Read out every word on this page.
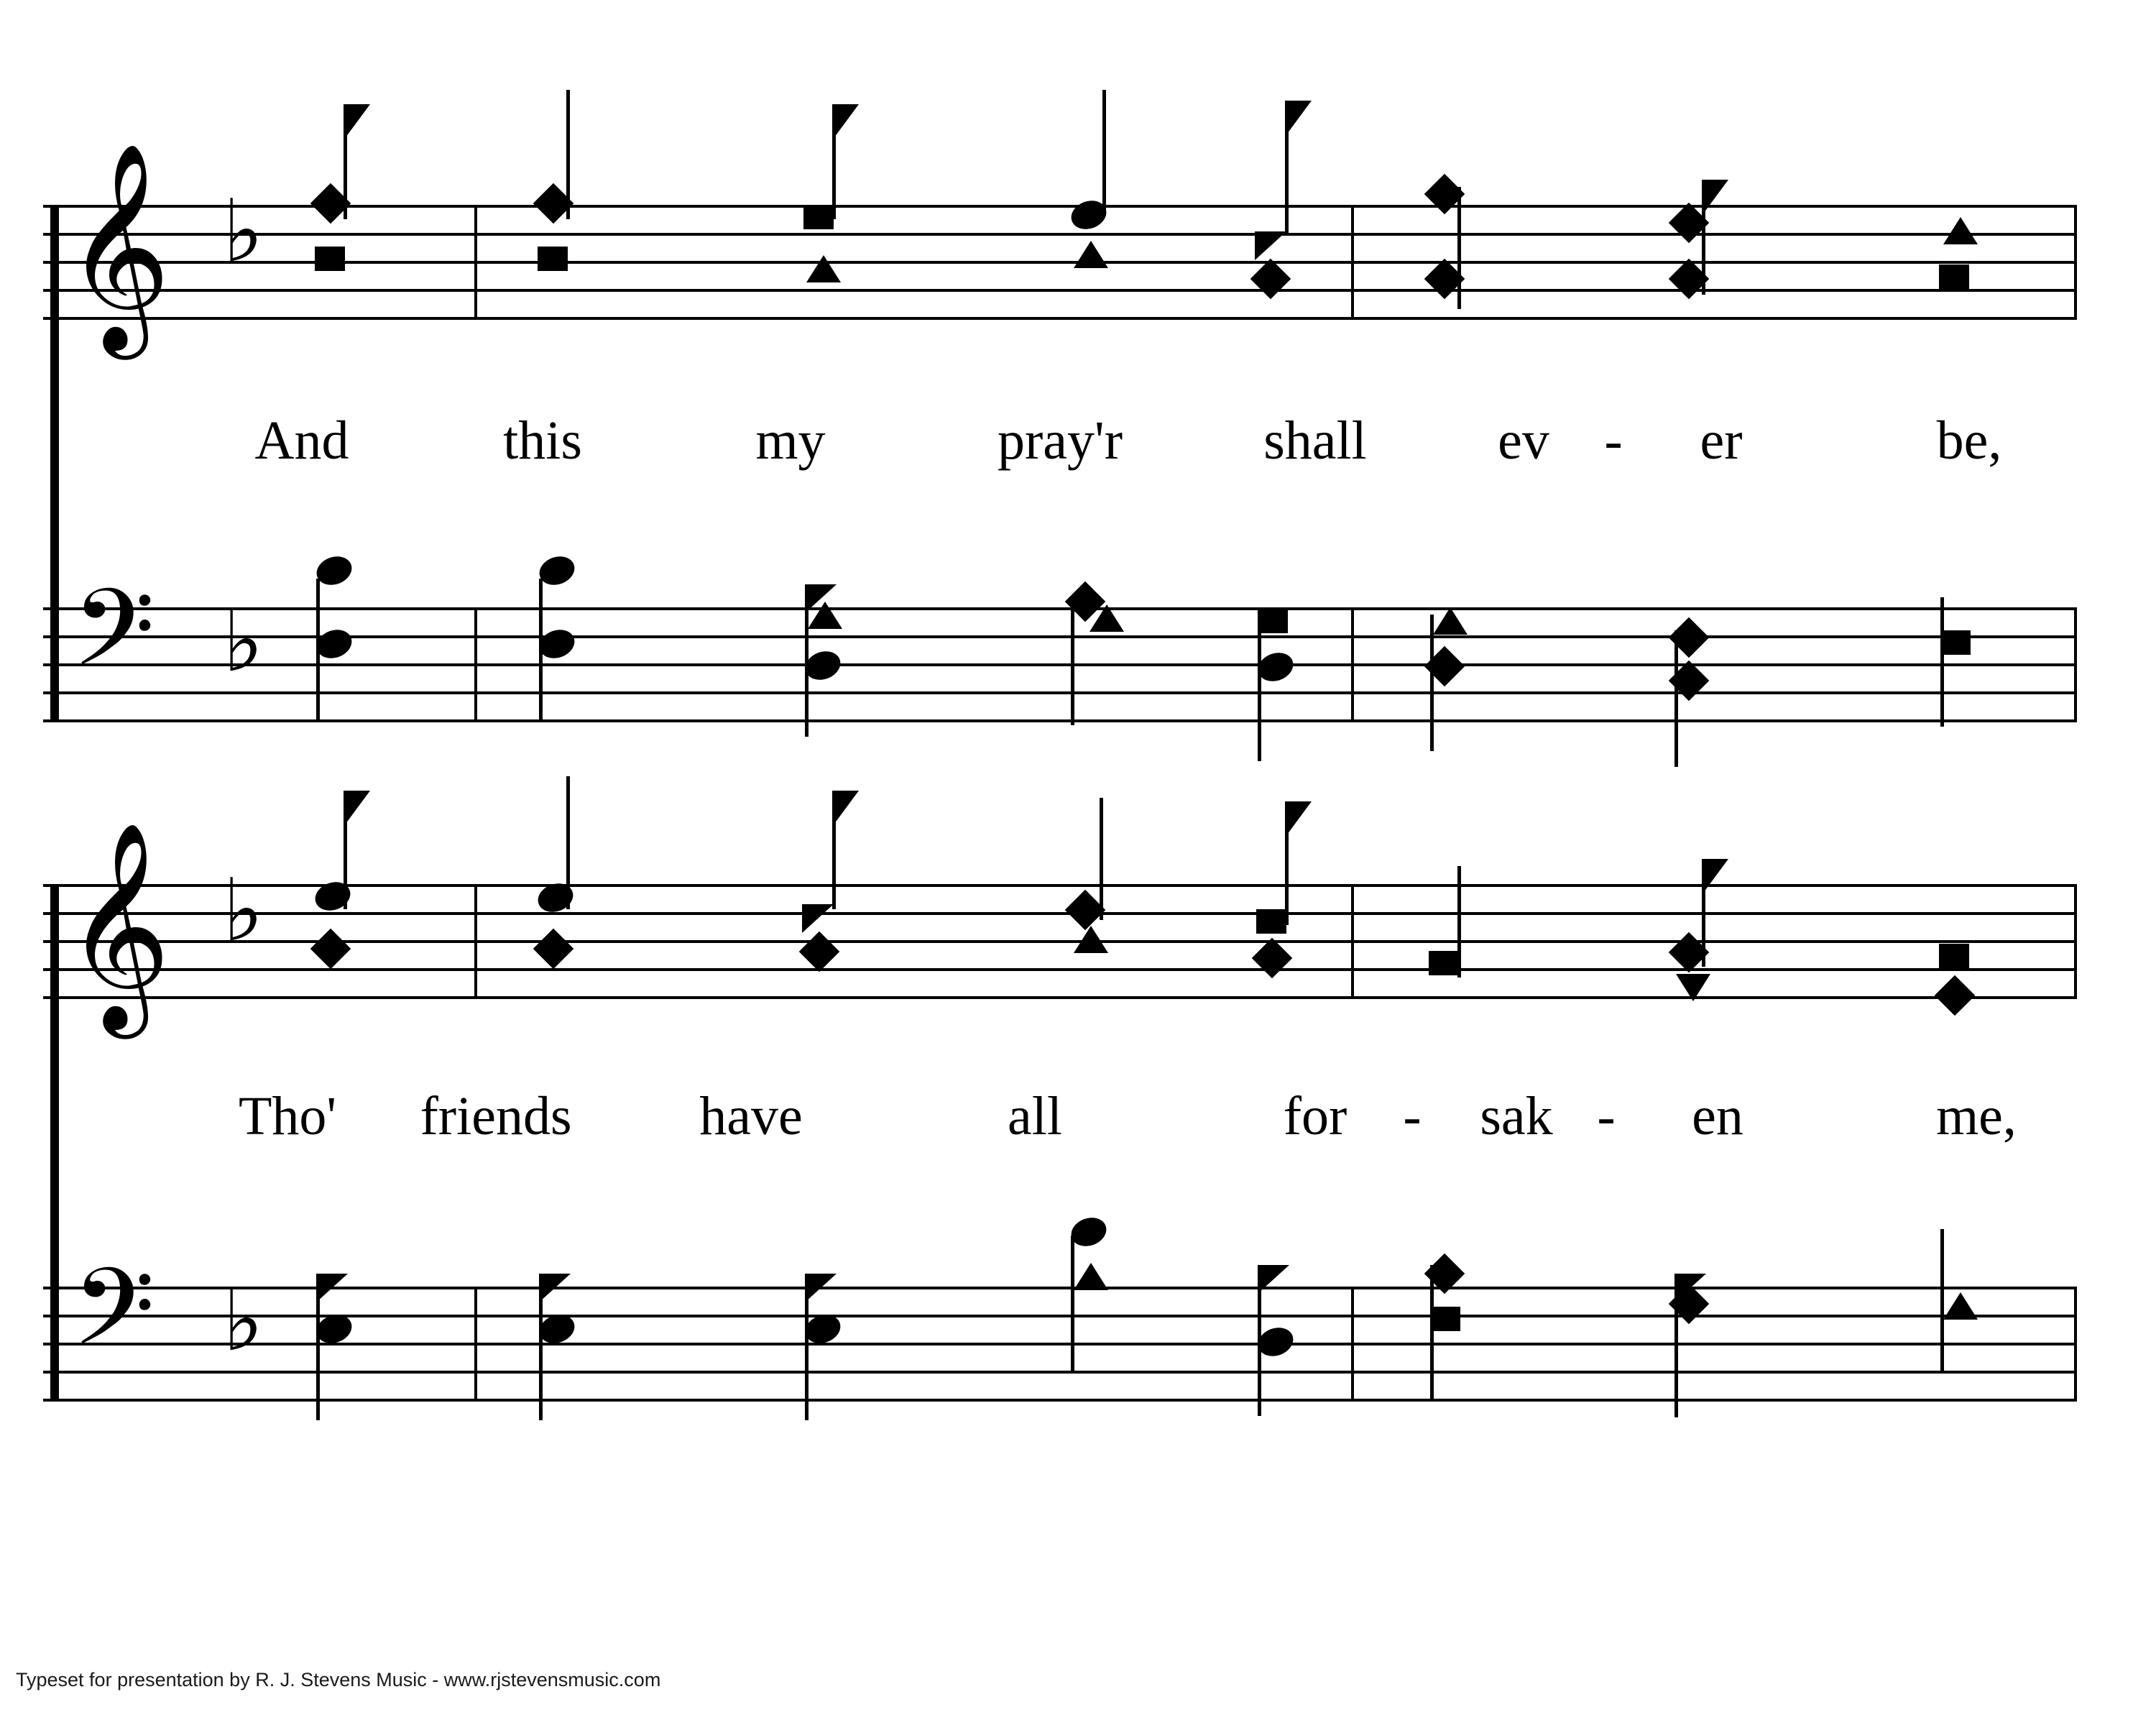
𝄞 ♭
And	this	my	pray'r	shall ev - er	be,
𝄢 ♭
𝄞 ♭
Tho' friends have	all	for - sak - en	me,
𝄢 ♭
Typeset for presentation by R. J. Stevens Music - www.rjstevensmusic.com
